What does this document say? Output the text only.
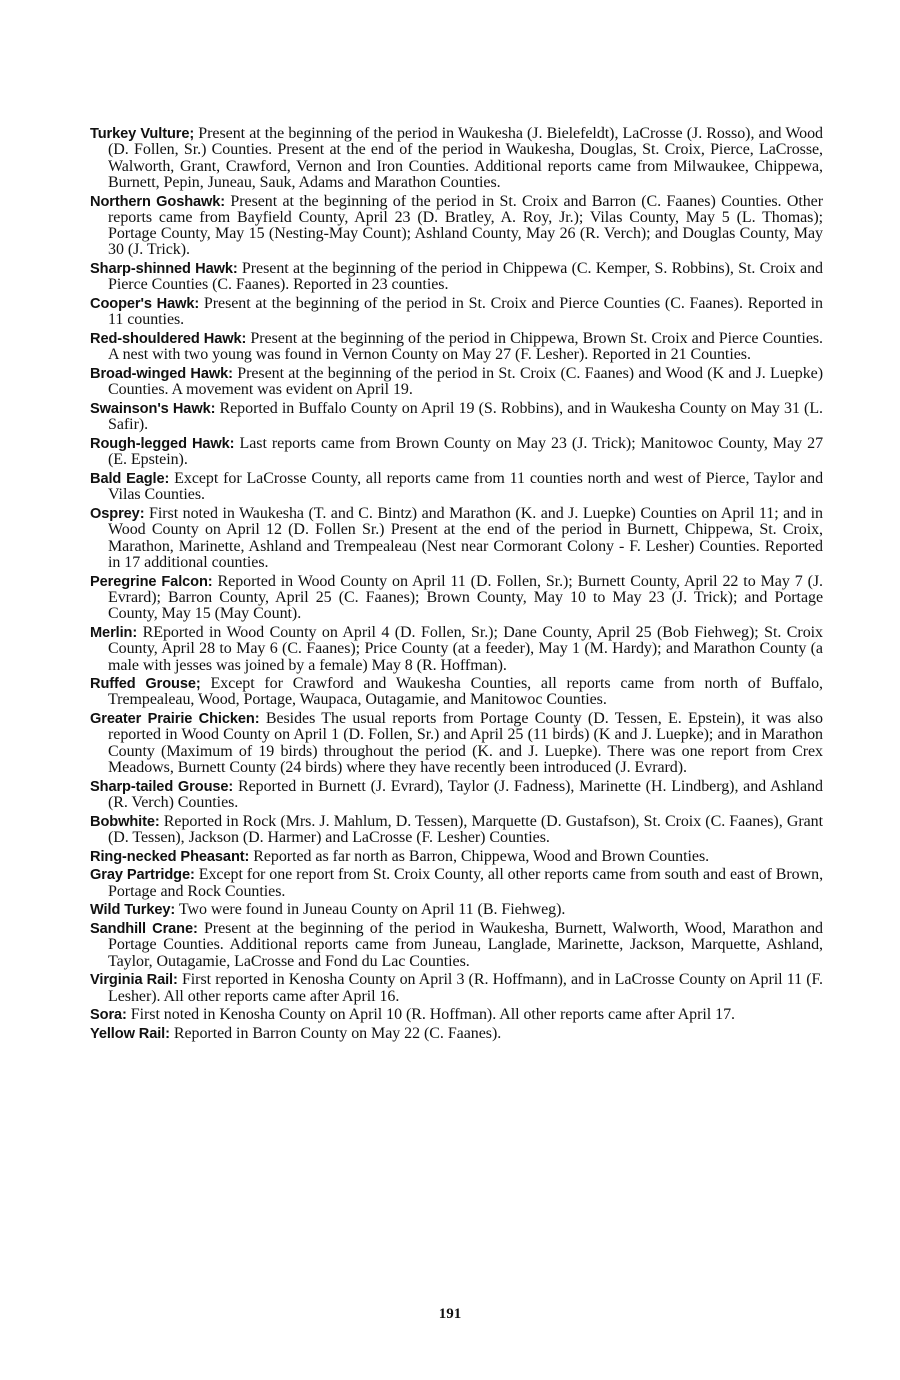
Turkey Vulture; Present at the beginning of the period in Waukesha (J. Bielefeldt), LaCrosse (J. Rosso), and Wood (D. Follen, Sr.) Counties. Present at the end of the period in Waukesha, Douglas, St. Croix, Pierce, LaCrosse, Walworth, Grant, Crawford, Vernon and Iron Counties. Additional reports came from Milwaukee, Chippewa, Burnett, Pepin, Juneau, Sauk, Adams and Marathon Counties.

Northern Goshawk: Present at the beginning of the period in St. Croix and Barron (C. Faanes) Counties. Other reports came from Bayfield County, April 23 (D. Bratley, A. Roy, Jr.); Vilas County, May 5 (L. Thomas); Portage County, May 15 (Nesting-May Count); Ashland County, May 26 (R. Verch); and Douglas County, May 30 (J. Trick).

Sharp-shinned Hawk: Present at the beginning of the period in Chippewa (C. Kemper, S. Robbins), St. Croix and Pierce Counties (C. Faanes). Reported in 23 counties.

Cooper's Hawk: Present at the beginning of the period in St. Croix and Pierce Counties (C. Faanes). Reported in 11 counties.

Red-shouldered Hawk: Present at the beginning of the period in Chippewa, Brown St. Croix and Pierce Counties. A nest with two young was found in Vernon County on May 27 (F. Lesher). Reported in 21 Counties.

Broad-winged Hawk: Present at the beginning of the period in St. Croix (C. Faanes) and Wood (K and J. Luepke) Counties. A movement was evident on April 19.

Swainson's Hawk: Reported in Buffalo County on April 19 (S. Robbins), and in Waukesha County on May 31 (L. Safir).

Rough-legged Hawk: Last reports came from Brown County on May 23 (J. Trick); Manitowoc County, May 27 (E. Epstein).

Bald Eagle: Except for LaCrosse County, all reports came from 11 counties north and west of Pierce, Taylor and Vilas Counties.

Osprey: First noted in Waukesha (T. and C. Bintz) and Marathon (K. and J. Luepke) Counties on April 11; and in Wood County on April 12 (D. Follen Sr.) Present at the end of the period in Burnett, Chippewa, St. Croix, Marathon, Marinette, Ashland and Trempealeau (Nest near Cormorant Colony - F. Lesher) Counties. Reported in 17 additional counties.

Peregrine Falcon: Reported in Wood County on April 11 (D. Follen, Sr.); Burnett County, April 22 to May 7 (J. Evrard); Barron County, April 25 (C. Faanes); Brown County, May 10 to May 23 (J. Trick); and Portage County, May 15 (May Count).

Merlin: REported in Wood County on April 4 (D. Follen, Sr.); Dane County, April 25 (Bob Fiehweg); St. Croix County, April 28 to May 6 (C. Faanes); Price County (at a feeder), May 1 (M. Hardy); and Marathon County (a male with jesses was joined by a female) May 8 (R. Hoffman).

Ruffed Grouse; Except for Crawford and Waukesha Counties, all reports came from north of Buffalo, Trempealeau, Wood, Portage, Waupaca, Outagamie, and Manitowoc Counties.

Greater Prairie Chicken: Besides The usual reports from Portage County (D. Tessen, E. Epstein), it was also reported in Wood County on April 1 (D. Follen, Sr.) and April 25 (11 birds) (K and J. Luepke); and in Marathon County (Maximum of 19 birds) throughout the period (K. and J. Luepke). There was one report from Crex Meadows, Burnett County (24 birds) where they have recently been introduced (J. Evrard).

Sharp-tailed Grouse: Reported in Burnett (J. Evrard), Taylor (J. Fadness), Marinette (H. Lindberg), and Ashland (R. Verch) Counties.

Bobwhite: Reported in Rock (Mrs. J. Mahlum, D. Tessen), Marquette (D. Gustafson), St. Croix (C. Faanes), Grant (D. Tessen), Jackson (D. Harmer) and LaCrosse (F. Lesher) Counties.

Ring-necked Pheasant: Reported as far north as Barron, Chippewa, Wood and Brown Counties.

Gray Partridge: Except for one report from St. Croix County, all other reports came from south and east of Brown, Portage and Rock Counties.

Wild Turkey: Two were found in Juneau County on April 11 (B. Fiehweg).

Sandhill Crane: Present at the beginning of the period in Waukesha, Burnett, Walworth, Wood, Marathon and Portage Counties. Additional reports came from Juneau, Langlade, Marinette, Jackson, Marquette, Ashland, Taylor, Outagamie, LaCrosse and Fond du Lac Counties.

Virginia Rail: First reported in Kenosha County on April 3 (R. Hoffmann), and in LaCrosse County on April 11 (F. Lesher). All other reports came after April 16.

Sora: First noted in Kenosha County on April 10 (R. Hoffman). All other reports came after April 17.

Yellow Rail: Reported in Barron County on May 22 (C. Faanes).

191
